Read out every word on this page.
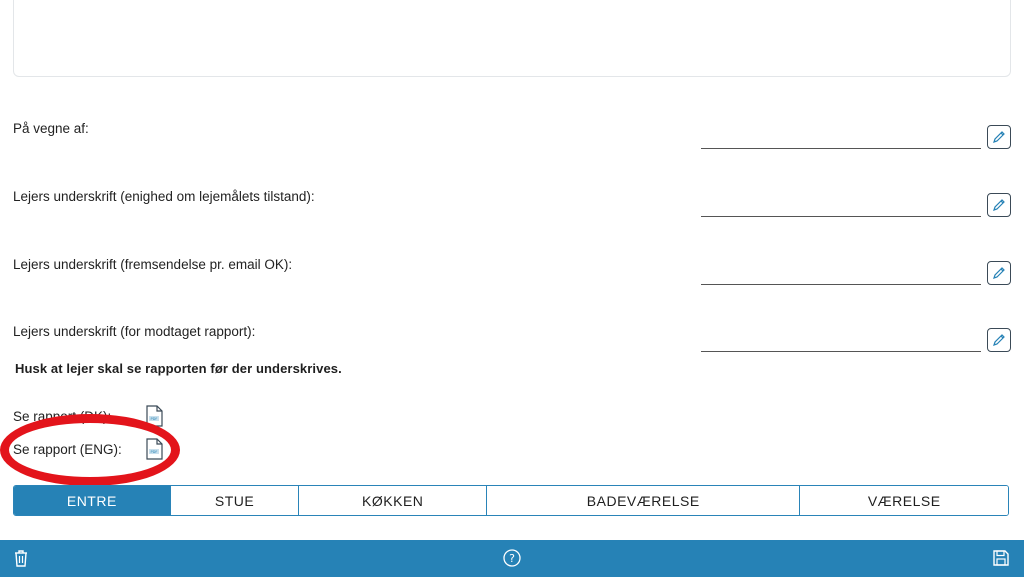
På vegne af:
Lejers underskrift (enighed om lejemålets tilstand):
Lejers underskrift (fremsendelse pr. email OK):
Lejers underskrift (for modtaget rapport):
Husk at lejer skal se rapporten før der underskrives.
Se rapport (DK):	PDF
Se rapport (ENG):	PDF
ENTRE	STUE	KØKKEN	BADEVÆRELSE	VÆRELSE
?
